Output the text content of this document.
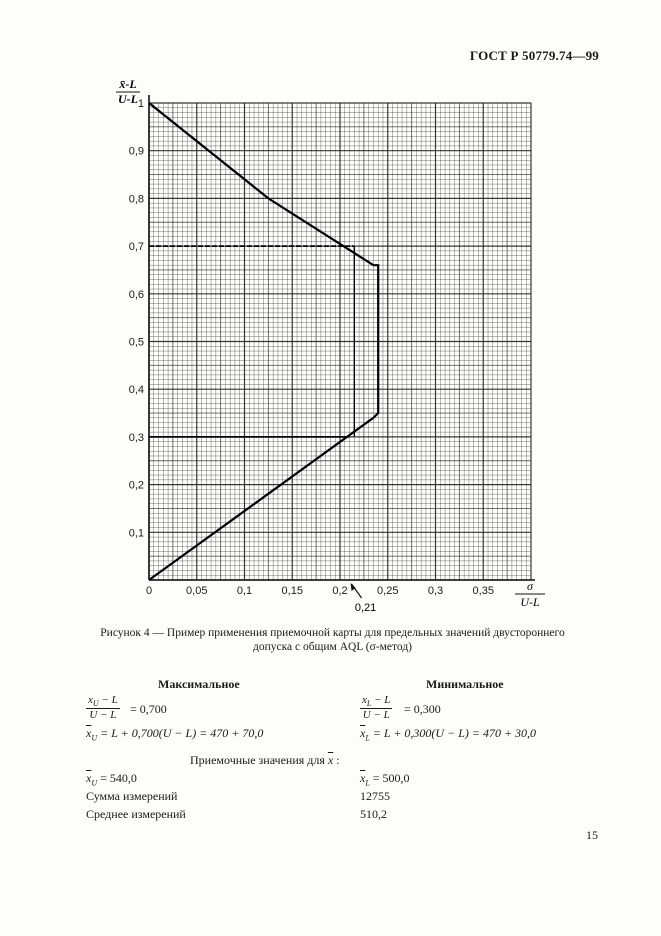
ГОСТ Р 50779.74—99
0	0,05	0,1	0,15	0,2	0,25	0,3	0,35
0,1
0,2
0,3
0,4
0,5
0,6
0,7
0,8
0,9
1
x̄-L
U-L
σ
U-L
0,21
Рисунок 4 — Пример применения приемочной карты для предельных значений двустороннего
допуска с общим AQL (σ-метод)
Максимальное
$\frac{x_U - L}{U - L} = 0,700$
$\overline{x}_U = L + 0,700(U - L) = 470 + 70,0$
Минимальное
$\frac{x_L - L}{U - L} = 0,300$
$\overline{x}_L = L + 0,300(U - L) = 470 + 30,0$
Приемочные значения для $\overline{x}$ :
$\overline{x}_U = 540,0$	$\overline{x}_L = 500,0$
Сумма измерений	12755
Среднее измерений	510,2
15
